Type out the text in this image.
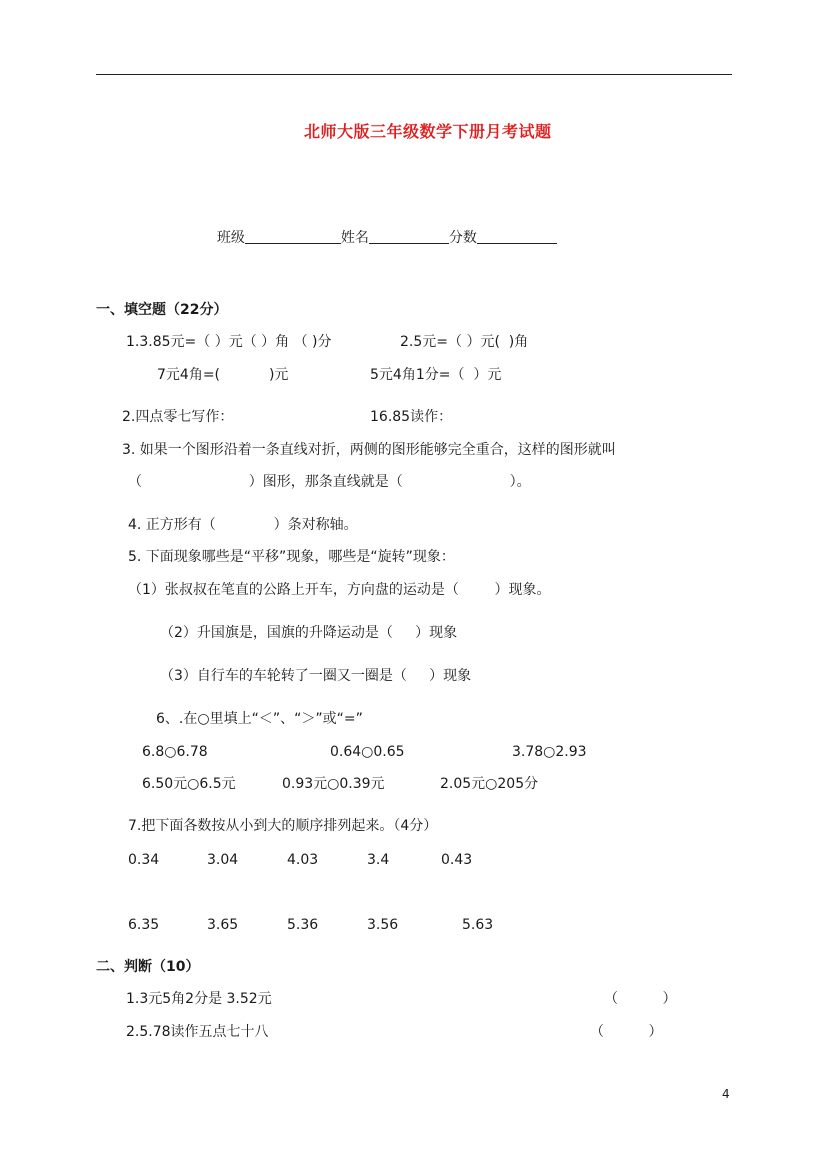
北师大版三年级数学下册月考试题

班级	姓名	分数

一、填空题（22分）
1.3.85元=（ ）元（ ）角 （ )分	2.5元=（ ）元(  )角
7元4角=(           )元	5元4角1分=（  ）元
2.四点零七写作：	16.85读作：
3. 如果一个图形沿着一条直线对折，两侧的图形能够完全重合，这样的图形就叫
（                        ）图形，那条直线就是（                        ）。
4. 正方形有（             ）条对称轴。
5. 下面现象哪些是“平移”现象，哪些是“旋转”现象：
（1）张叔叔在笔直的公路上开车，方向盘的运动是（        ）现象。
（2）升国旗是，国旗的升降运动是（     ）现象
（3）自行车的车轮转了一圈又一圈是（     ）现象
6、.在○里填上“＜”、“＞”或“=”
6.8○6.78	0.64○0.65	3.78○2.93
6.50元○6.5元	0.93元○0.39元	2.05元○205分
7.把下面各数按从小到大的顺序排列起来。（4分）
0.34	3.04	4.03	3.4	0.43
6.35	3.65	5.36	3.56	5.63
二、判断（10）
1.3元5角2分是 3.52元	（          ）
2.5.78读作五点七十八	（          ）
4
